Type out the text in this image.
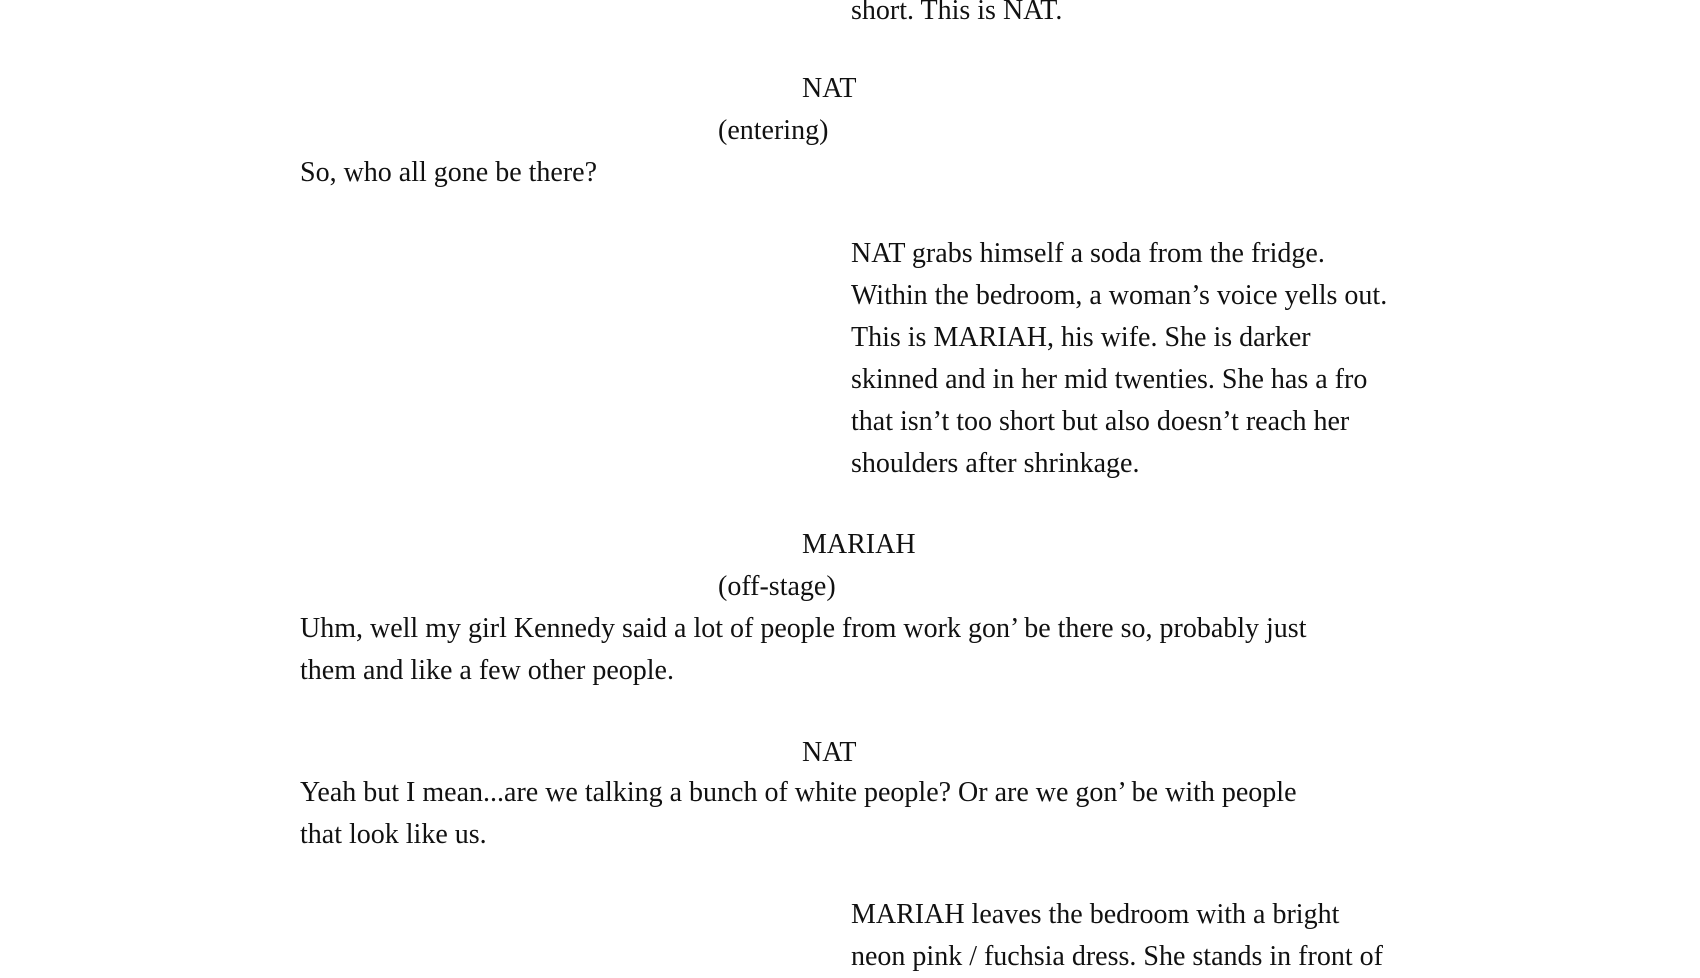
short. This is NAT.
NAT
(entering)
So, who all gone be there?
NAT grabs himself a soda from the fridge.
Within the bedroom, a woman’s voice yells out.
This is MARIAH, his wife. She is darker
skinned and in her mid twenties. She has a fro
that isn’t too short but also doesn’t reach her
shoulders after shrinkage.
MARIAH
(off-stage)
Uhm, well my girl Kennedy said a lot of people from work gon’ be there so, probably just
them and like a few other people.
NAT
Yeah but I mean...are we talking a bunch of white people? Or are we gon’ be with people
that look like us.
MARIAH leaves the bedroom with a bright
neon pink / fuchsia dress. She stands in front of
